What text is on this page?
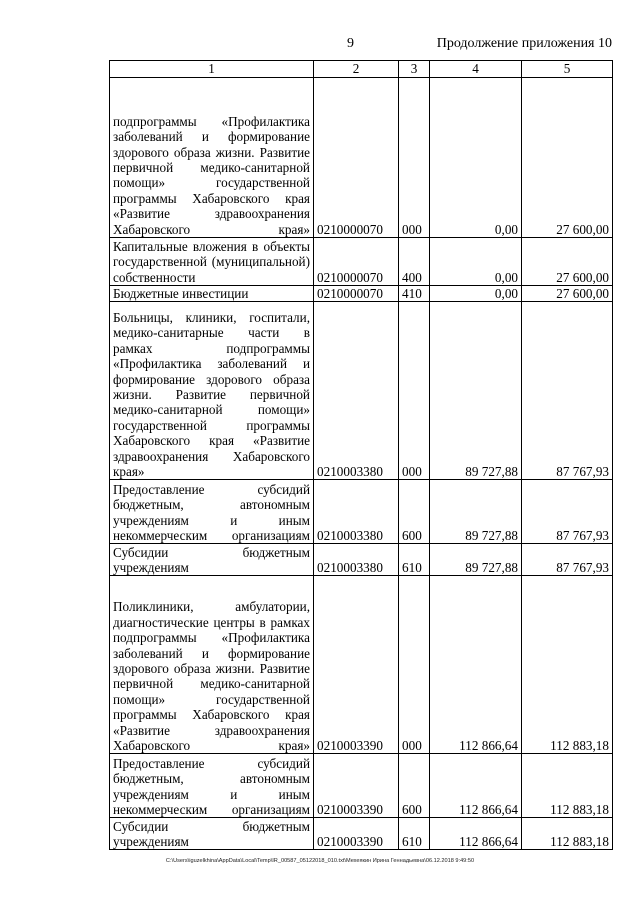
9	Продолжение приложения 10
1	2	3	4	5
подпрограммы «Профилактика заболеваний и формирование здорового образа жизни. Развитие первичной медико-санитарной помощи» государственной программы Хабаровского края «Развитие здравоохранения Хабаровского края»	0210000070	000	0,00	27 600,00
Капитальные вложения в объекты государственной (муниципальной) собственности	0210000070	400	0,00	27 600,00
Бюджетные инвестиции	0210000070	410	0,00	27 600,00
Больницы, клиники, госпитали, медико-санитарные части в рамках подпрограммы «Профилактика заболеваний и формирование здорового образа жизни. Развитие первичной медико-санитарной помощи» государственной программы Хабаровского края «Развитие здравоохранения Хабаровского края»	0210003380	000	89 727,88	87 767,93
Предоставление субсидий бюджетным, автономным учреждениям и иным некоммерческим организациям	0210003380	600	89 727,88	87 767,93
Субсидии бюджетным учреждениям	0210003380	610	89 727,88	87 767,93
Поликлиники, амбулатории, диагностические центры в рамках подпрограммы «Профилактика заболеваний и формирование здорового образа жизни. Развитие первичной медико-санитарной помощи» государственной программы Хабаровского края «Развитие здравоохранения Хабаровского края»	0210003390	000	112 866,64	112 883,18
Предоставление субсидий бюджетным, автономным учреждениям и иным некоммерческим организациям	0210003390	600	112 866,64	112 883,18
Субсидии бюджетным учреждениям	0210003390	610	112 866,64	112 883,18
C:\Users\iguzelkhina\AppData\Local\Temp\IR_00587_05122018_010.txt\Мехеякин Ирина Геннадьевна\06.12.2018 9:49:50
